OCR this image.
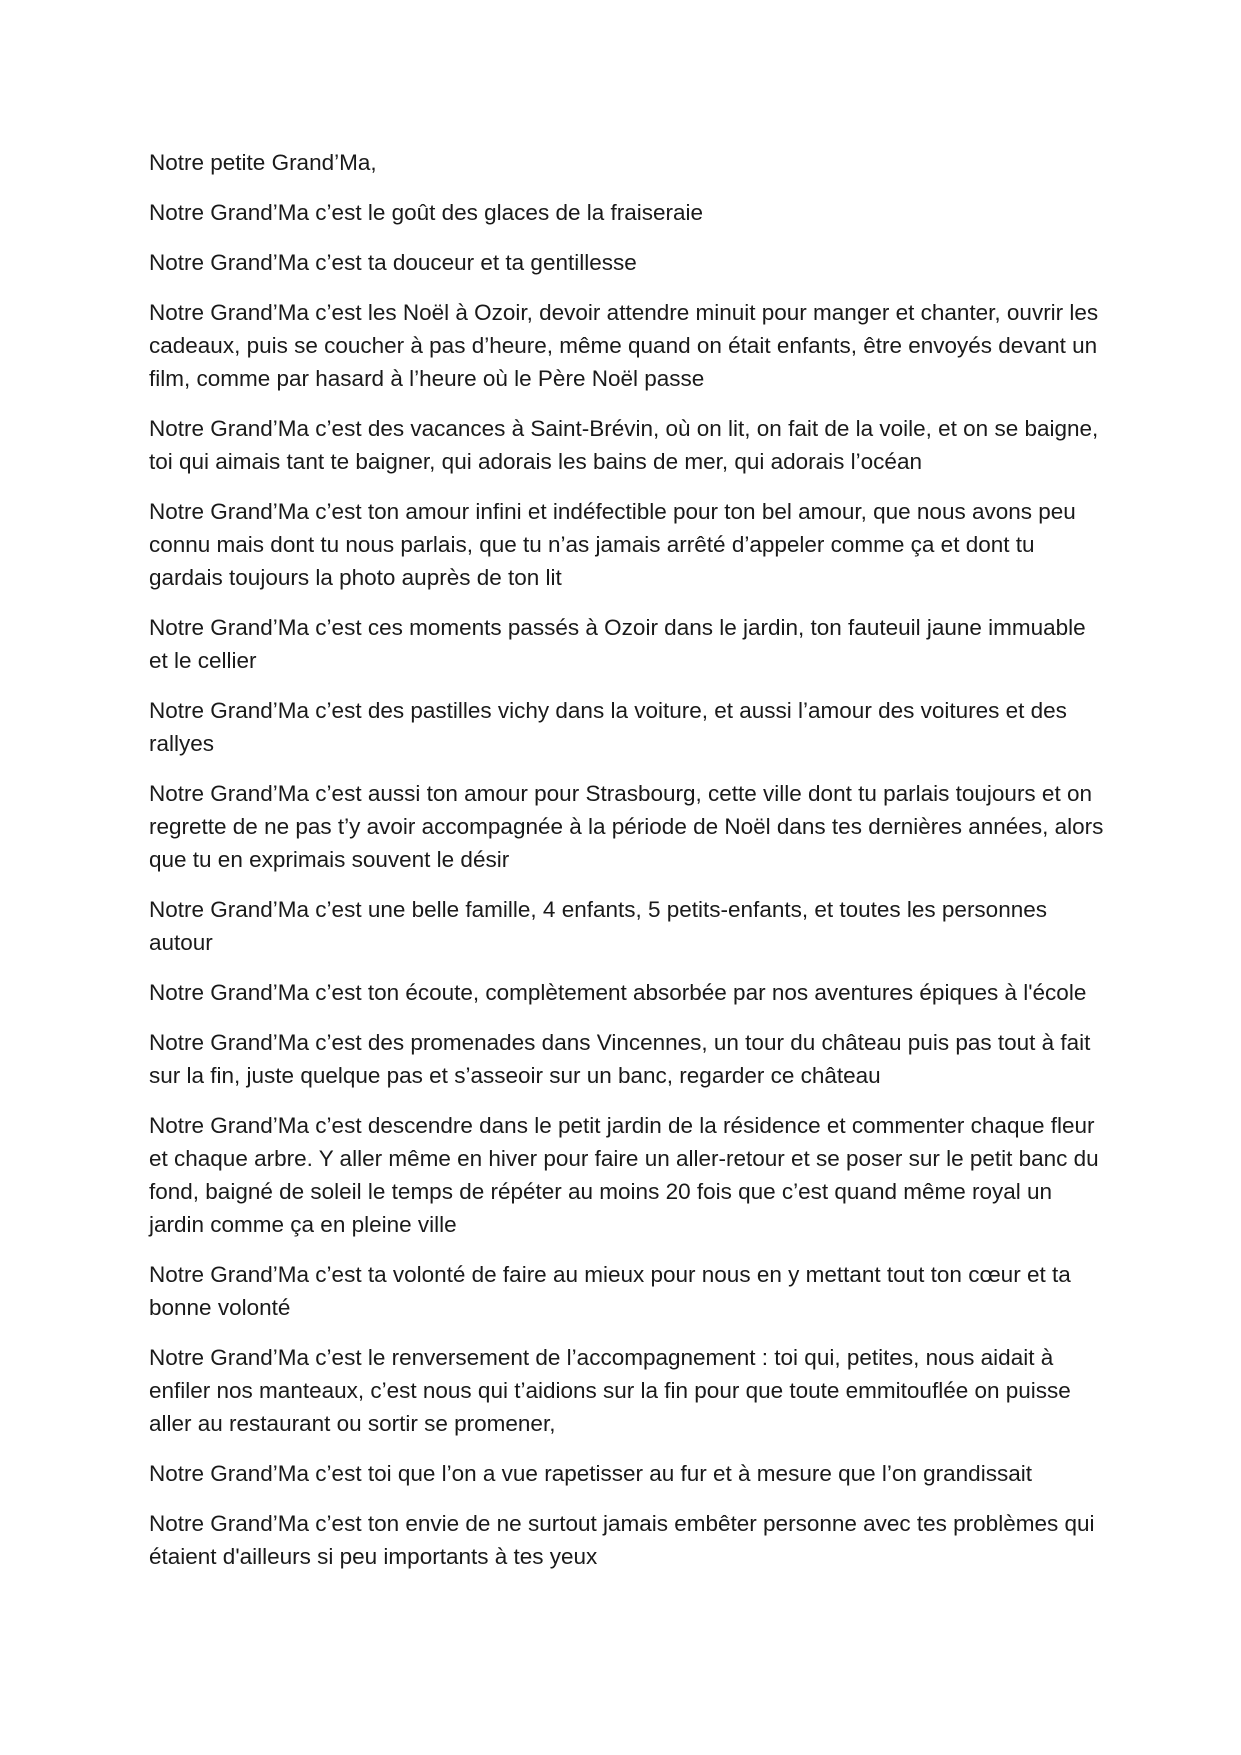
Notre petite Grand’Ma,

Notre Grand’Ma c’est le goût des glaces de la fraiseraie

Notre Grand’Ma c’est ta douceur et ta gentillesse

Notre Grand’Ma c’est les Noël à Ozoir, devoir attendre minuit pour manger et chanter, ouvrir les cadeaux, puis se coucher à pas d’heure, même quand on était enfants, être envoyés devant un film, comme par hasard à l’heure où le Père Noël passe

Notre Grand’Ma c’est des vacances à Saint-Brévin, où on lit, on fait de la voile, et on se baigne, toi qui aimais tant te baigner, qui adorais les bains de mer, qui adorais l’océan

Notre Grand’Ma c’est ton amour infini et indéfectible pour ton bel amour, que nous avons peu connu mais dont tu nous parlais, que tu n’as jamais arrêté d’appeler comme ça et dont tu gardais toujours la photo auprès de ton lit

Notre Grand’Ma c’est ces moments passés à Ozoir dans le jardin, ton fauteuil jaune immuable et le cellier

Notre Grand’Ma c’est des pastilles vichy dans la voiture, et aussi l’amour des voitures et des rallyes

Notre Grand’Ma c’est aussi ton amour pour Strasbourg, cette ville dont tu parlais toujours et on regrette de ne pas t’y avoir accompagnée à la période de Noël dans tes dernières années, alors que tu en exprimais souvent le désir

Notre Grand’Ma c’est une belle famille, 4 enfants, 5 petits-enfants, et toutes les personnes autour

Notre Grand’Ma c’est ton écoute, complètement absorbée par nos aventures épiques à l'école

Notre Grand’Ma c’est des promenades dans Vincennes, un tour du château puis pas tout à fait sur la fin, juste quelque pas et s’asseoir sur un banc, regarder ce château

Notre Grand’Ma c’est descendre dans le petit jardin de la résidence et commenter chaque fleur et chaque arbre. Y aller même en hiver pour faire un aller-retour et se poser sur le petit banc du fond, baigné de soleil le temps de répéter au moins 20 fois que c’est quand même royal un jardin comme ça en pleine ville

Notre Grand’Ma c’est ta volonté de faire au mieux pour nous en y mettant tout ton cœur et ta bonne volonté

Notre Grand’Ma c’est le renversement de l’accompagnement : toi qui, petites, nous aidait à enfiler nos manteaux, c’est nous qui t’aidions sur la fin pour que toute emmitouflée on puisse aller au restaurant ou sortir se promener,

Notre Grand’Ma c’est toi que l’on a vue rapetisser au fur et à mesure que l’on grandissait

Notre Grand’Ma c’est ton envie de ne surtout jamais embêter personne avec tes problèmes qui étaient d'ailleurs si peu importants à tes yeux
